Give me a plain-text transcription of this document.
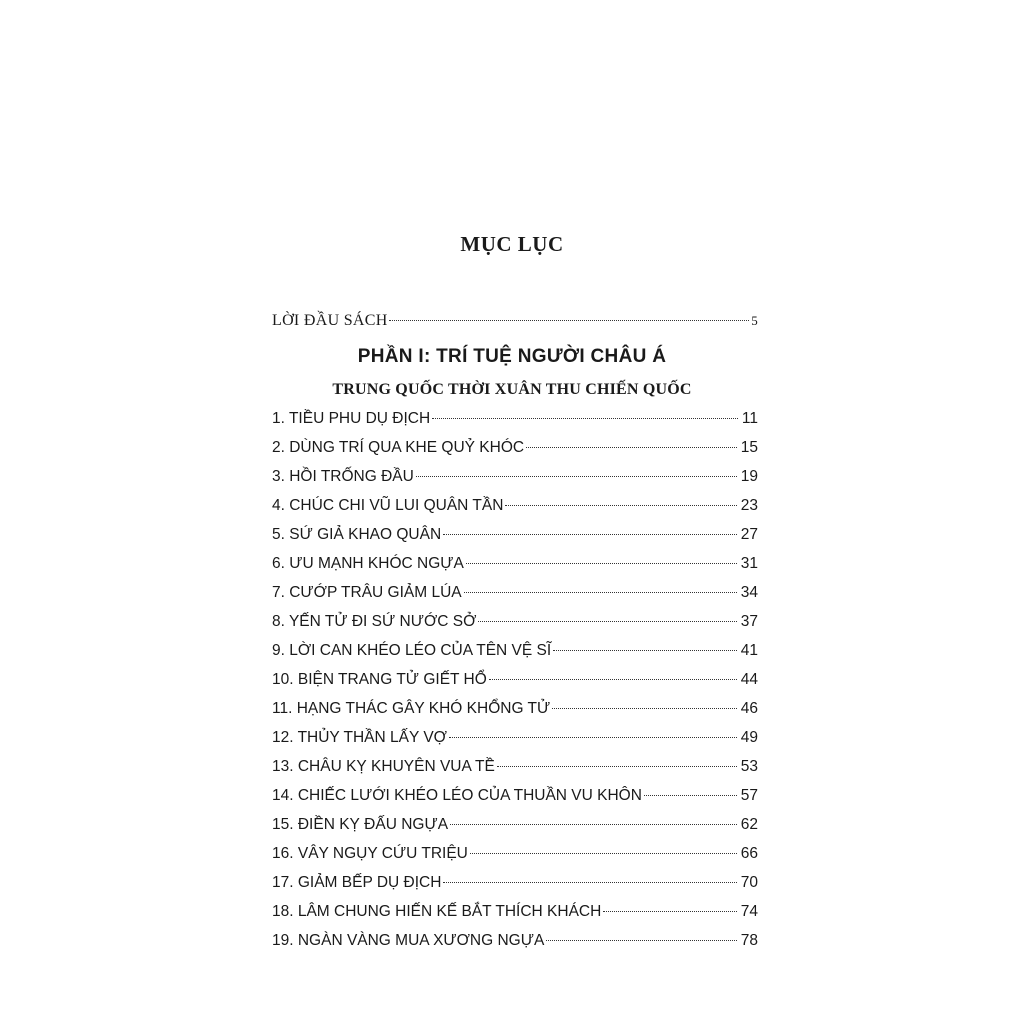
MỤC LỤC
LỜI ĐẦU SÁCH	5
PHẦN I: TRÍ TUỆ NGƯỜI CHÂU Á
TRUNG QUỐC THỜI XUÂN THU CHIẾN QUỐC
1. TIỀU PHU DỤ ĐỊCH	11
2. DÙNG TRÍ QUA KHE QUỶ KHÓC	15
3. HỒI TRỐNG ĐẦU	19
4. CHÚC CHI VŨ LUI QUÂN TẦN	23
5. SỨ GIẢ KHAO QUÂN	27
6. ƯU MẠNH KHÓC NGỰA	31
7. CƯỚP TRÂU GIẢM LÚA	34
8. YẾN TỬ ĐI SỨ NƯỚC SỞ	37
9. LỜI CAN KHÉO LÉO CỦA TÊN VỆ SĨ	41
10. BIỆN TRANG TỬ GIẾT HỔ	44
11. HẠNG THÁC GÂY KHÓ KHỔNG TỬ	46
12. THỦY THẦN LẤY VỢ	49
13. CHÂU KỴ KHUYÊN VUA TỀ	53
14. CHIẾC LƯỚI KHÉO LÉO CỦA THUẦN VU KHÔN	57
15. ĐIỀN KỴ ĐẤU NGỰA	62
16. VÂY NGỤY CỨU TRIỆU	66
17. GIẢM BẾP DỤ ĐỊCH	70
18. LÂM CHUNG HIẾN KẾ BẮT THÍCH KHÁCH	74
19. NGÀN VÀNG MUA XƯƠNG NGỰA	78
